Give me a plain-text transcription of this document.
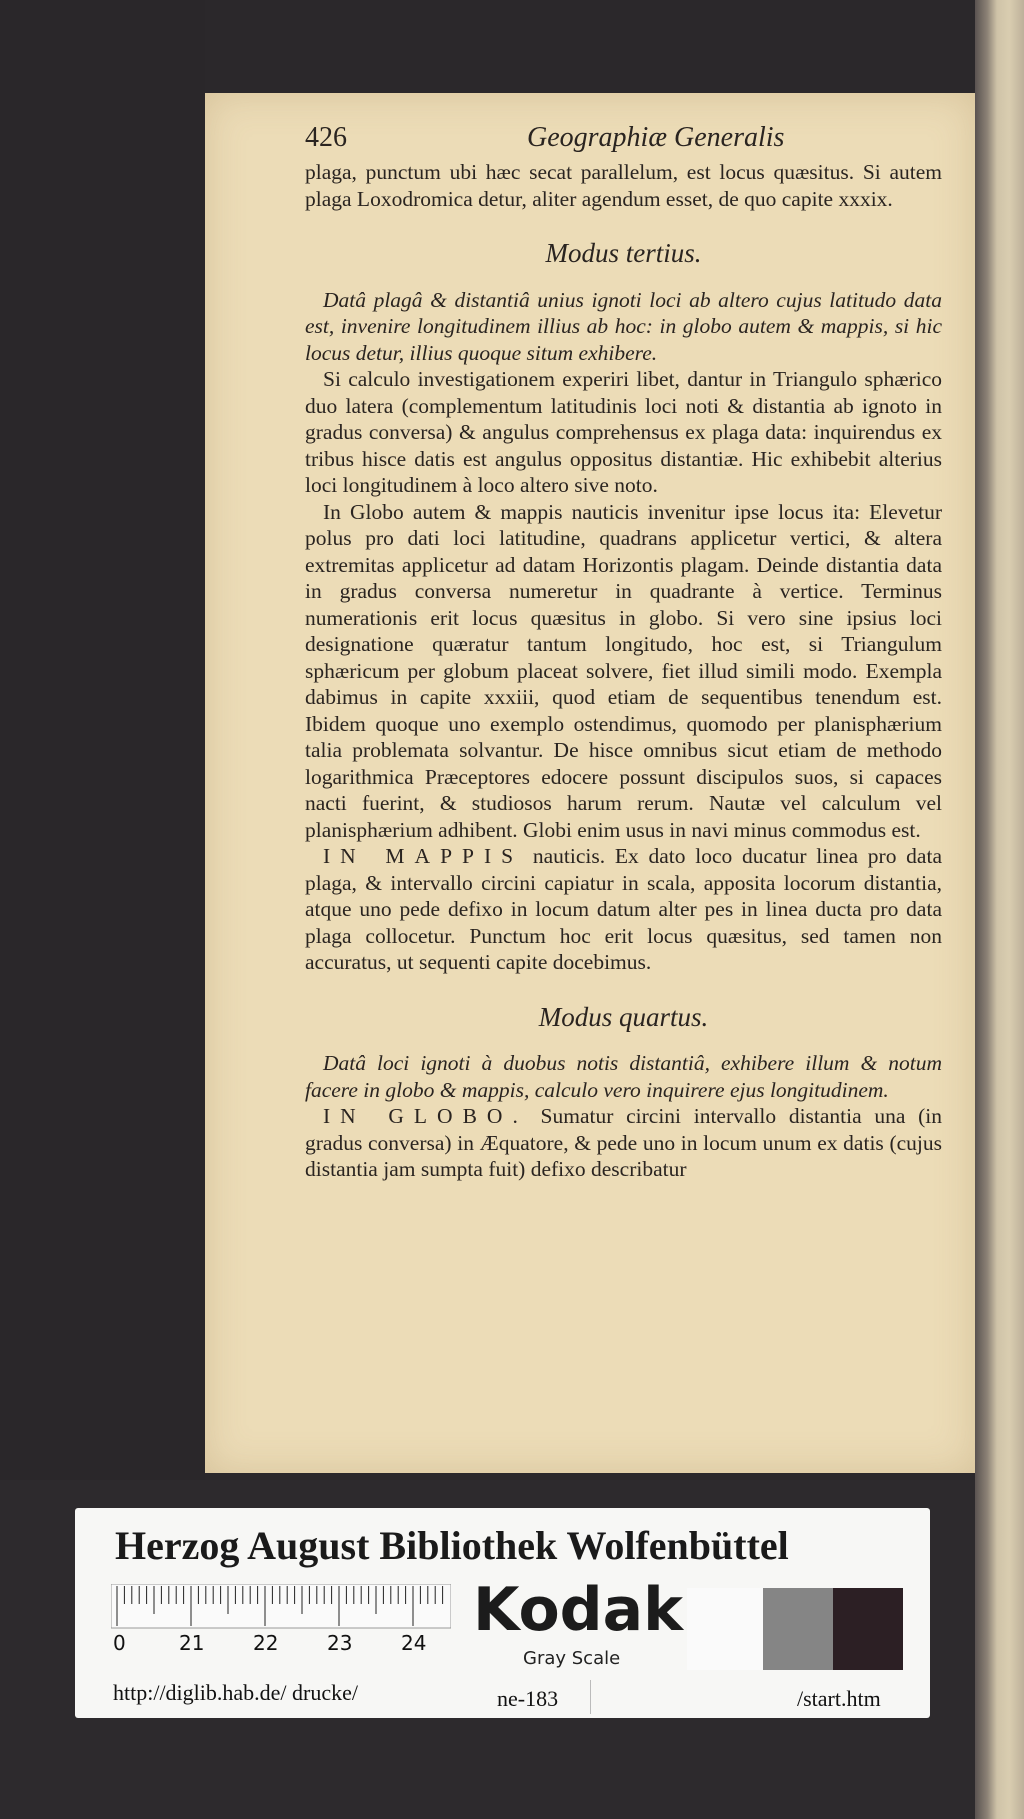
426	Geographiæ Generalis

plaga, punctum ubi hæc secat parallelum, est locus quæsitus. Si autem plaga Loxodromica detur, aliter agendum esset, de quo capite xxxix.

Modus tertius.

Datâ plagâ & distantiâ unius ignoti loci ab altero cujus latitudo data est, invenire longitudinem illius ab hoc: in globo autem & mappis, si hic locus detur, illius quoque situm exhibere.

Si calculo investigationem experiri libet, dantur in Triangulo sphærico duo latera (complementum latitudinis loci noti & distantia ab ignoto in gradus conversa) & angulus comprehensus ex plaga data: inquirendus ex tribus hisce datis est angulus oppositus distantiæ. Hic exhibebit alterius loci longitudinem à loco altero sive noto.

In Globo autem & mappis nauticis invenitur ipse locus ita: Elevetur polus pro dati loci latitudine, quadrans applicetur vertici, & altera extremitas applicetur ad datam Horizontis plagam. Deinde distantia data in gradus conversa numeretur in quadrante à vertice. Terminus numerationis erit locus quæsitus in globo. Si vero sine ipsius loci designatione quæratur tantum longitudo, hoc est, si Triangulum sphæricum per globum placeat solvere, fiet illud simili modo. Exempla dabimus in capite xxxiii, quod etiam de sequentibus tenendum est. Ibidem quoque uno exemplo ostendimus, quomodo per planisphærium talia problemata solvantur. De hisce omnibus sicut etiam de methodo logarithmica Præceptores edocere possunt discipulos suos, si capaces nacti fuerint, & studiosos harum rerum. Nautæ vel calculum vel planisphærium adhibent. Globi enim usus in navi minus commodus est.

IN MAPPIS nauticis. Ex dato loco ducatur linea pro data plaga, & intervallo circini capiatur in scala, apposita locorum distantia, atque uno pede defixo in locum datum alter pes in linea ducta pro data plaga collocetur. Punctum hoc erit locus quæsitus, sed tamen non accuratus, ut sequenti capite docebimus.

Modus quartus.

Datâ loci ignoti à duobus notis distantiâ, exhibere illum & notum facere in globo & mappis, calculo vero inquirere ejus longitudinem.

IN GLOBO. Sumatur circini intervallo distantia una (in gradus conversa) in Æquatore, & pede uno in locum unum ex datis (cujus distantia jam sumpta fuit) defixo describatur

Herzog August Bibliothek Wolfenbüttel
0	21 22 23 24 Kodak
Gray Scale
http://diglib.hab.de/ drucke/	ne-183	/start.htm
